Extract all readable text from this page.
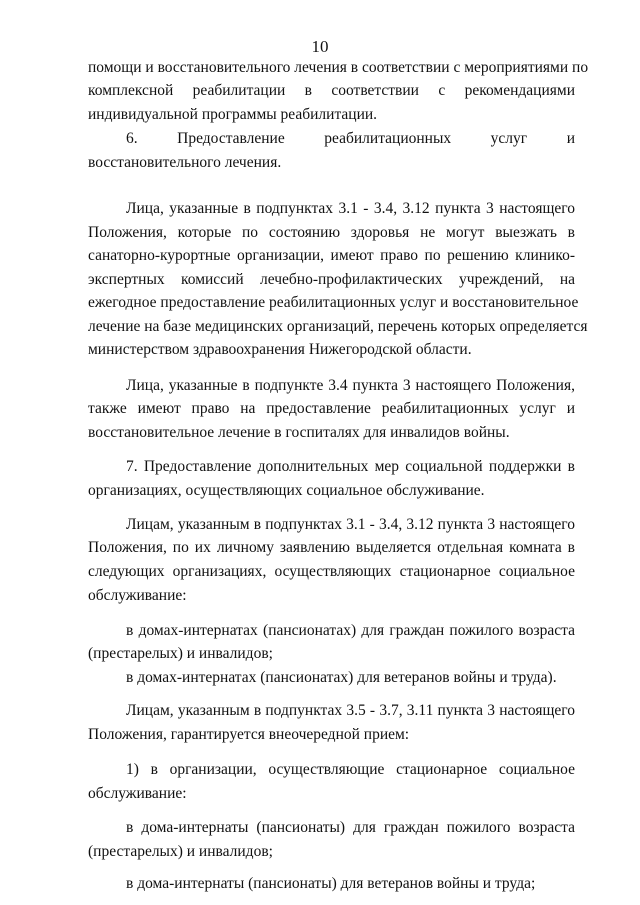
10
помощи и восстановительного лечения в соответствии с мероприятиями по
комплексной реабилитации в соответствии с рекомендациями
индивидуальной программы реабилитации.
6. Предоставление реабилитационных услуг и
восстановительного лечения.
Лица, указанные в подпунктах 3.1 - 3.4, 3.12 пункта 3 настоящего
Положения, которые по состоянию здоровья не могут выезжать в
санаторно-курортные организации, имеют право по решению клинико-
экспертных комиссий лечебно-профилактических учреждений, на
ежегодное предоставление реабилитационных услуг и восстановительное
лечение на базе медицинских организаций, перечень которых определяется
министерством здравоохранения Нижегородской области.
Лица, указанные в подпункте 3.4 пункта 3 настоящего Положения,
также имеют право на предоставление реабилитационных услуг и
восстановительное лечение в госпиталях для инвалидов войны.
7. Предоставление дополнительных мер социальной поддержки в
организациях, осуществляющих социальное обслуживание.
Лицам, указанным в подпунктах 3.1 - 3.4, 3.12 пункта 3 настоящего
Положения, по их личному заявлению выделяется отдельная комната в
следующих организациях, осуществляющих стационарное социальное
обслуживание:
в домах-интернатах (пансионатах) для граждан пожилого возраста
(престарелых) и инвалидов;
в домах-интернатах (пансионатах) для ветеранов войны и труда).
Лицам, указанным в подпунктах 3.5 - 3.7, 3.11 пункта 3 настоящего
Положения, гарантируется внеочередной прием:
1) в организации, осуществляющие стационарное социальное
обслуживание:
в дома-интернаты (пансионаты) для граждан пожилого возраста
(престарелых) и инвалидов;
в дома-интернаты (пансионаты) для ветеранов войны и труда;
